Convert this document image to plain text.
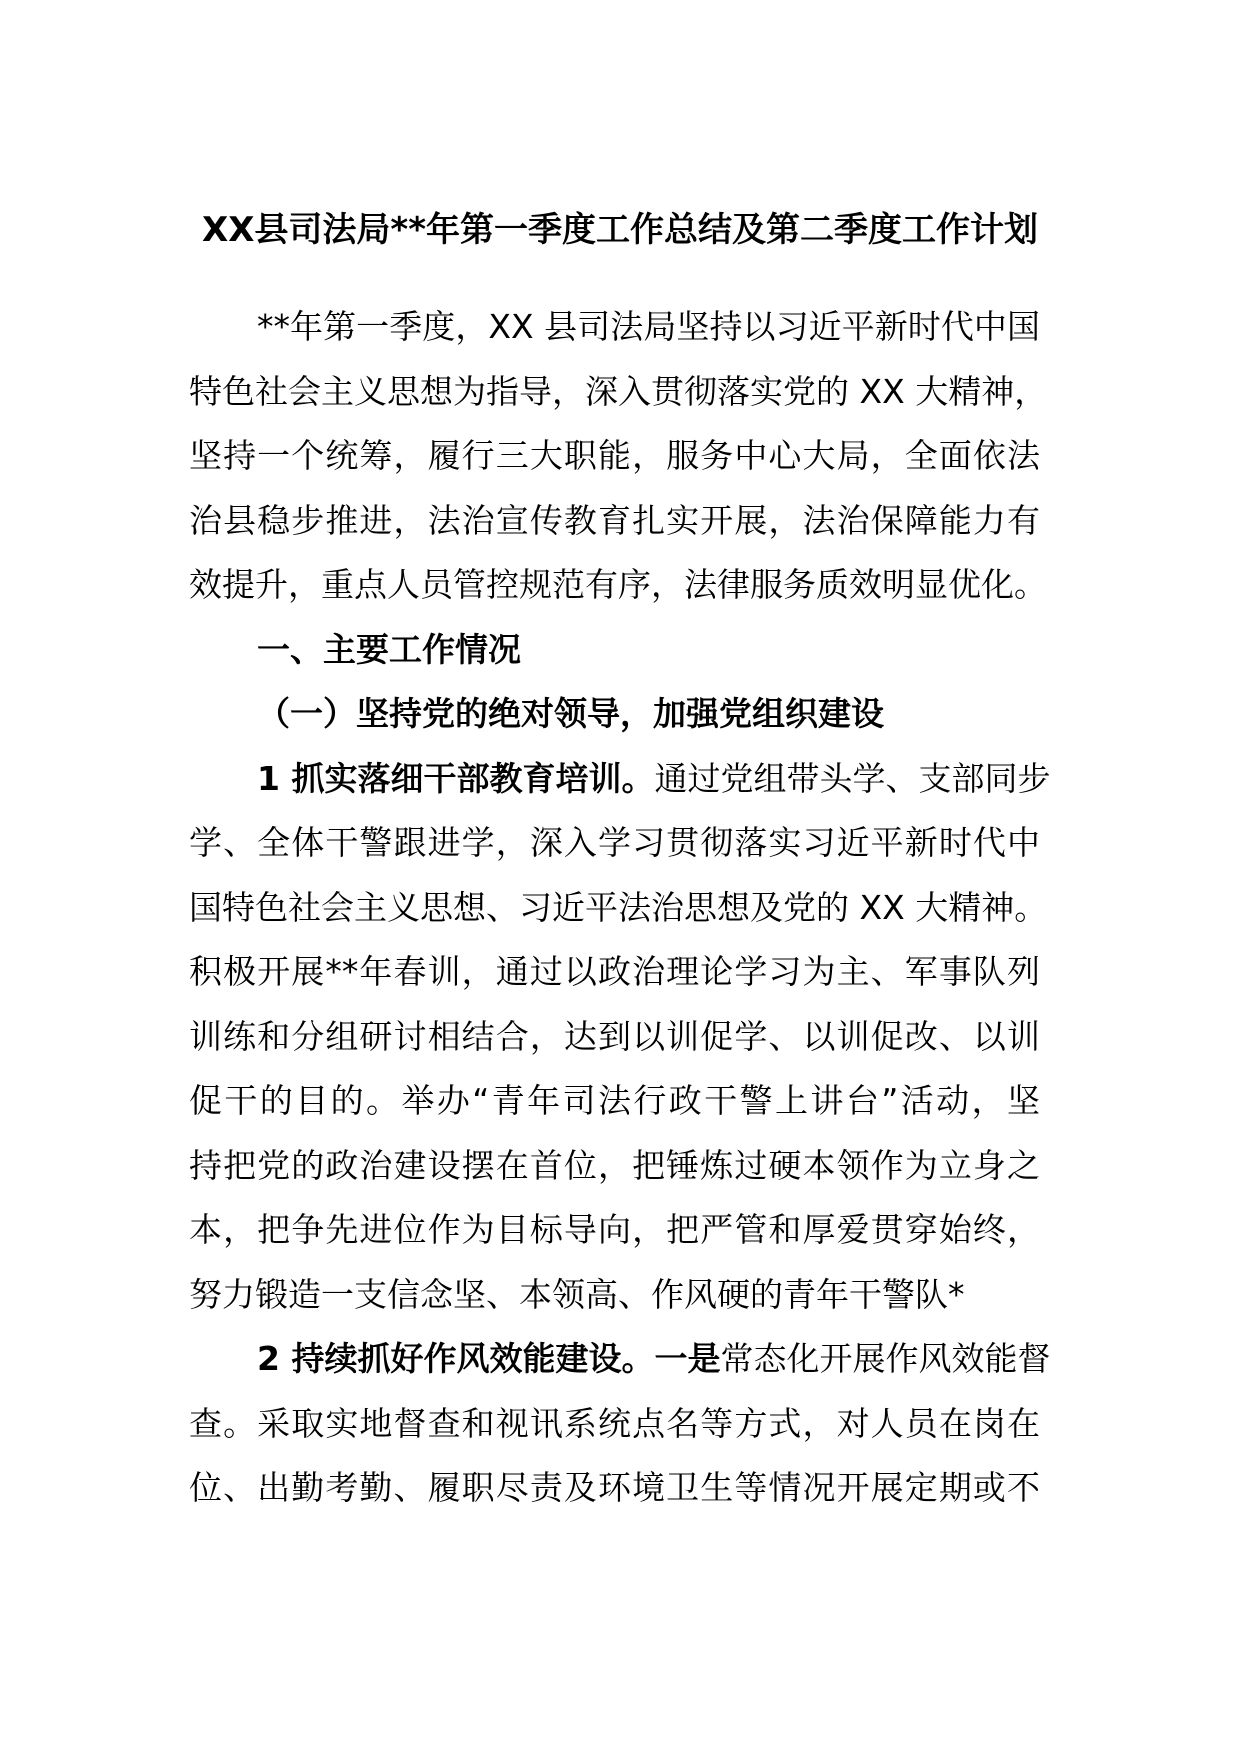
XX县司法局**年第一季度工作总结及第二季度工作计划
**年第一季度，XX 县司法局坚持以习近平新时代中国
特色社会主义思想为指导，深入贯彻落实党的 XX 大精神，
坚持一个统筹，履行三大职能，服务中心大局，全面依法
治县稳步推进，法治宣传教育扎实开展，法治保障能力有
效提升，重点人员管控规范有序，法律服务质效明显优化。
一、主要工作情况
（一）坚持党的绝对领导，加强党组织建设
1 抓实落细干部教育培训。通过党组带头学、支部同步
学、全体干警跟进学，深入学习贯彻落实习近平新时代中
国特色社会主义思想、习近平法治思想及党的 XX 大精神。
积极开展**年春训，通过以政治理论学习为主、军事队列
训练和分组研讨相结合，达到以训促学、以训促改、以训
促干的目的。举办“青年司法行政干警上讲台”活动，坚
持把党的政治建设摆在首位，把锤炼过硬本领作为立身之
本，把争先进位作为目标导向，把严管和厚爱贯穿始终，
努力锻造一支信念坚、本领高、作风硬的青年干警队*
2 持续抓好作风效能建设。一是常态化开展作风效能督
查。采取实地督查和视讯系统点名等方式，对人员在岗在
位、出勤考勤、履职尽责及环境卫生等情况开展定期或不
